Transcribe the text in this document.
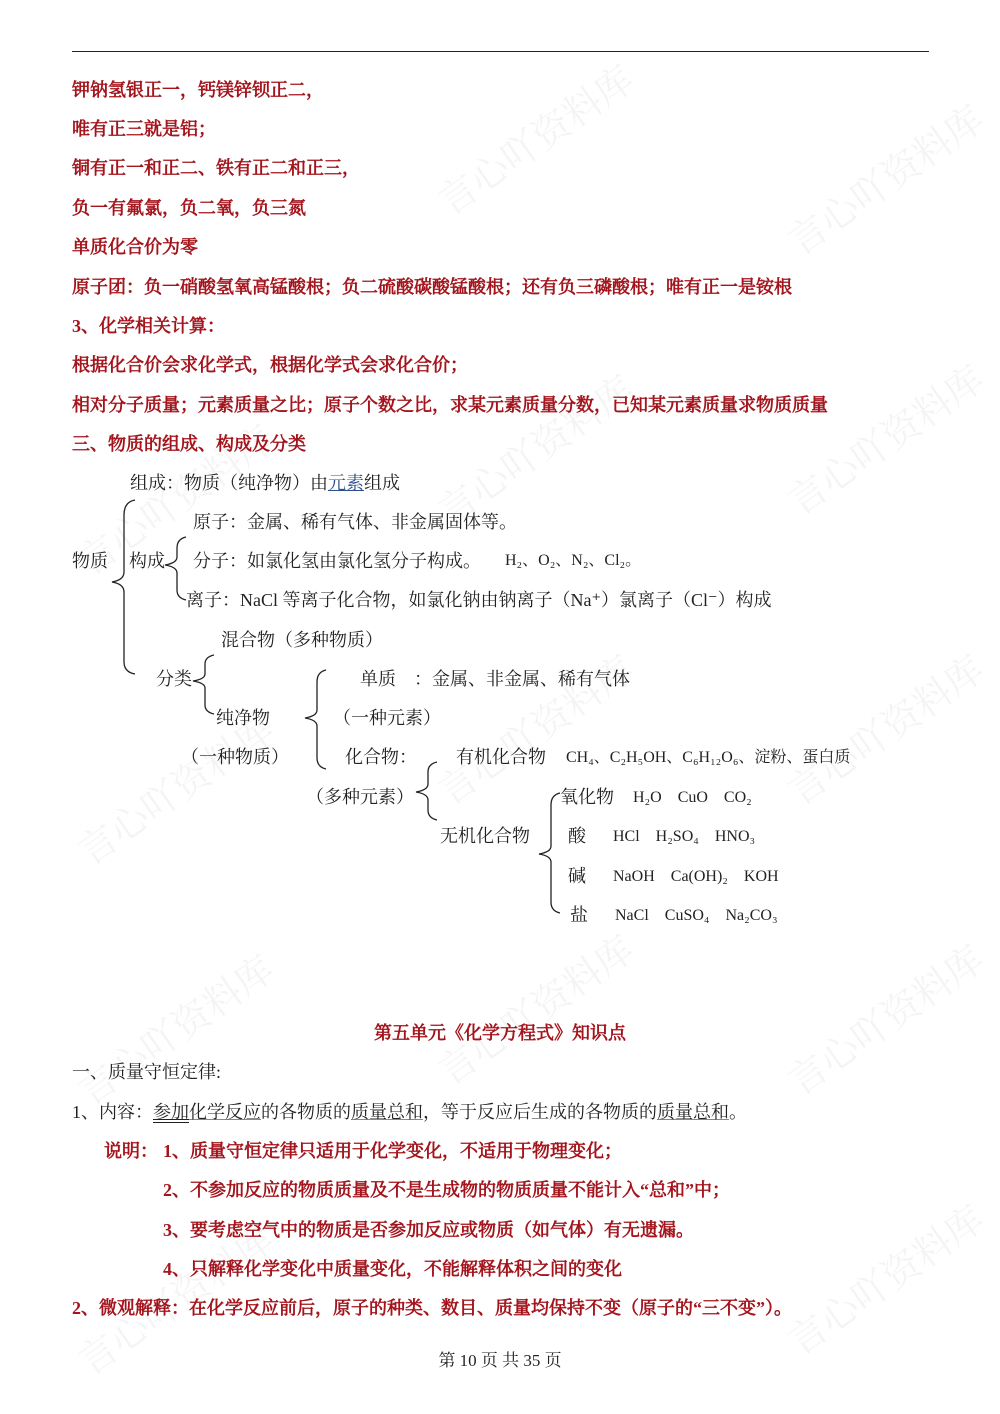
钾钠氢银正一，钙镁锌钡正二，
唯有正三就是铝；
铜有正一和正二、铁有正二和正三，
负一有氟氯，负二氧，负三氮
单质化合价为零
原子团：负一硝酸氢氧高锰酸根；负二硫酸碳酸锰酸根；还有负三磷酸根；唯有正一是铵根
3、化学相关计算：
根据化合价会求化学式，根据化学式会求化合价；
相对分子质量；元素质量之比；原子个数之比，求某元素质量分数，已知某元素质量求物质质量
三、物质的组成、构成及分类
组成：物质（纯净物）由元素组成
原子：金属、稀有气体、非金属固体等。
物质 构成 分子：如氯化氢由氯化氢分子构成。 H₂、O₂、N₂、Cl₂。
离子：NaCl 等离子化合物，如氯化钠由钠离子（Na⁺）氯离子（Cl⁻）构成
混合物（多种物质）
分类	单质　：金属、非金属、稀有气体
纯净物	（一种元素）
（一种物质）	化合物： 有机化合物 CH₄、C₂H₅OH、C₆H₁₂O₆、淀粉、蛋白质
（多种元素）
无机化合物
氧化物 H₂O　CuO　CO₂
酸 HCl　H₂SO₄　HNO₃
碱 NaOH　Ca(OH)₂　KOH
盐 NaCl　CuSO₄　Na₂CO₃
第五单元《化学方程式》知识点
一、质量守恒定律:
1、内容：参加化学反应的各物质的质量总和，等于反应后生成的各物质的质量总和。
说明： 1、质量守恒定律只适用于化学变化，不适用于物理变化；
2、不参加反应的物质质量及不是生成物的物质质量不能计入“总和”中；
3、要考虑空气中的物质是否参加反应或物质（如气体）有无遗漏。
4、只解释化学变化中质量变化，不能解释体积之间的变化
2、微观解释：在化学反应前后，原子的种类、数目、质量均保持不变（原子的“三不变”）。
第 10 页 共 35 页
